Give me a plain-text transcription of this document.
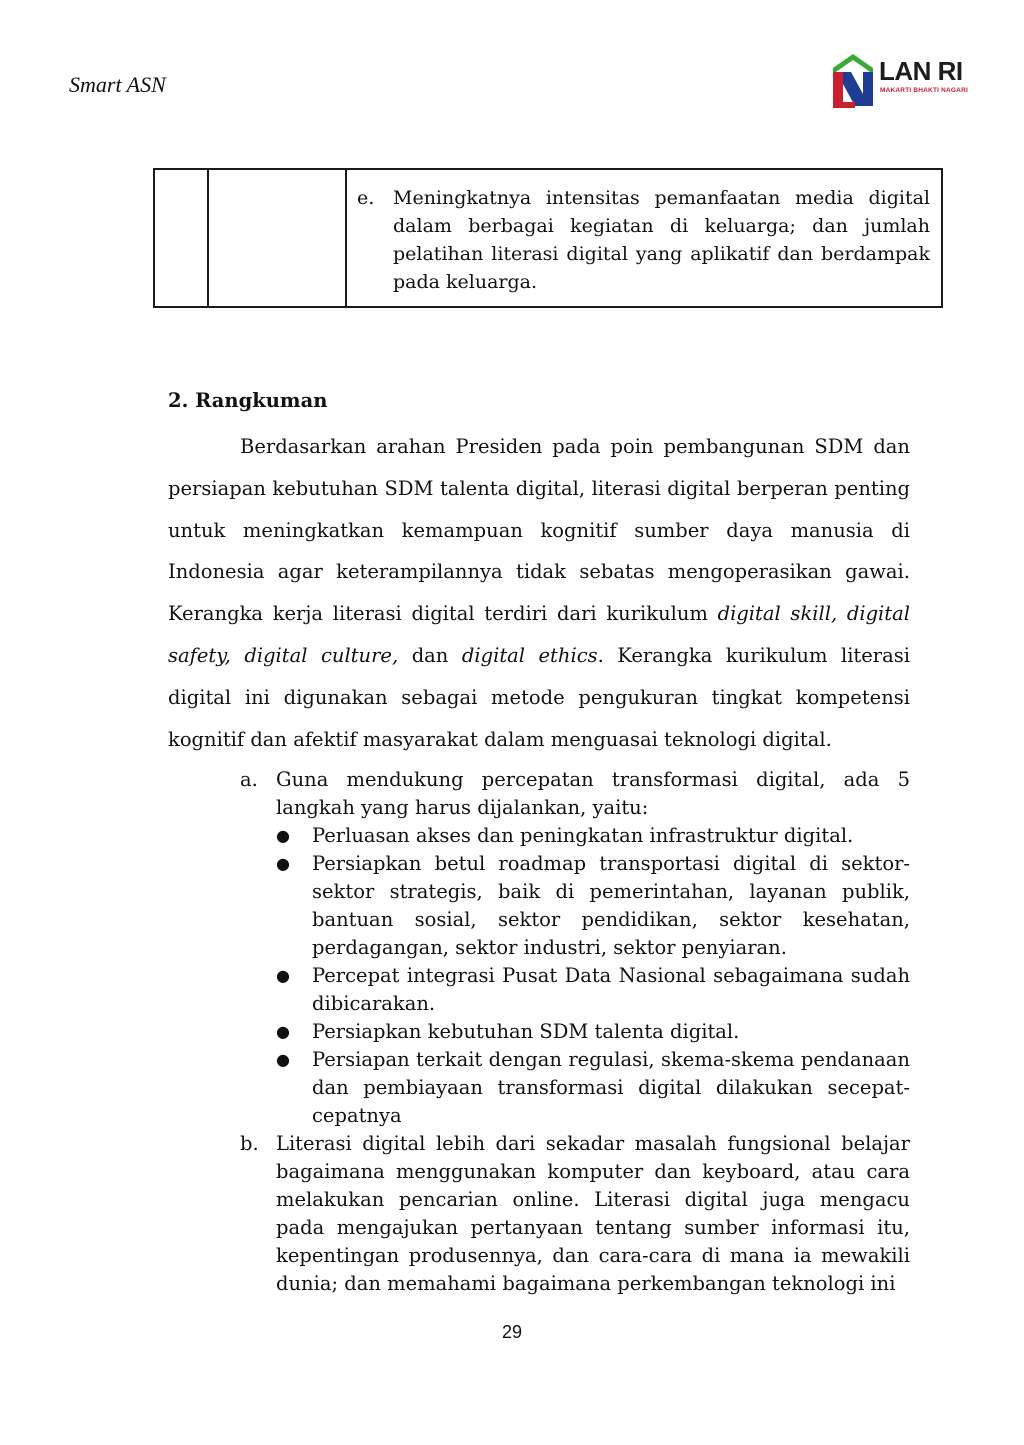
Smart ASN	LAN RI
MAKARTI BHAKTI NAGARI

e. Meningkatnya intensitas pemanfaatan media digital dalam berbagai kegiatan di keluarga; dan jumlah pelatihan literasi digital yang aplikatif dan berdampak pada keluarga.
2. Rangkuman

Berdasarkan arahan Presiden pada poin pembangunan SDM dan persiapan kebutuhan SDM talenta digital, literasi digital berperan penting untuk meningkatkan kemampuan kognitif sumber daya manusia di Indonesia agar keterampilannya tidak sebatas mengoperasikan gawai. Kerangka kerja literasi digital terdiri dari kurikulum digital skill, digital safety, digital culture, dan digital ethics. Kerangka kurikulum literasi digital ini digunakan sebagai metode pengukuran tingkat kompetensi kognitif dan afektif masyarakat dalam menguasai teknologi digital.

a. Guna mendukung percepatan transformasi digital, ada 5 langkah yang harus dijalankan, yaitu:
●	Perluasan akses dan peningkatan infrastruktur digital.
●	Persiapkan betul roadmap transportasi digital di sektor-sektor strategis, baik di pemerintahan, layanan publik, bantuan sosial, sektor pendidikan, sektor kesehatan, perdagangan, sektor industri, sektor penyiaran.
●	Percepat integrasi Pusat Data Nasional sebagaimana sudah dibicarakan.
●	Persiapkan kebutuhan SDM talenta digital.
●	Persiapan terkait dengan regulasi, skema-skema pendanaan dan pembiayaan transformasi digital dilakukan secepat-cepatnya
b. Literasi digital lebih dari sekadar masalah fungsional belajar bagaimana menggunakan komputer dan keyboard, atau cara melakukan pencarian online. Literasi digital juga mengacu pada mengajukan pertanyaan tentang sumber informasi itu, kepentingan produsennya, dan cara-cara di mana ia mewakili dunia; dan memahami bagaimana perkembangan teknologi ini
29
